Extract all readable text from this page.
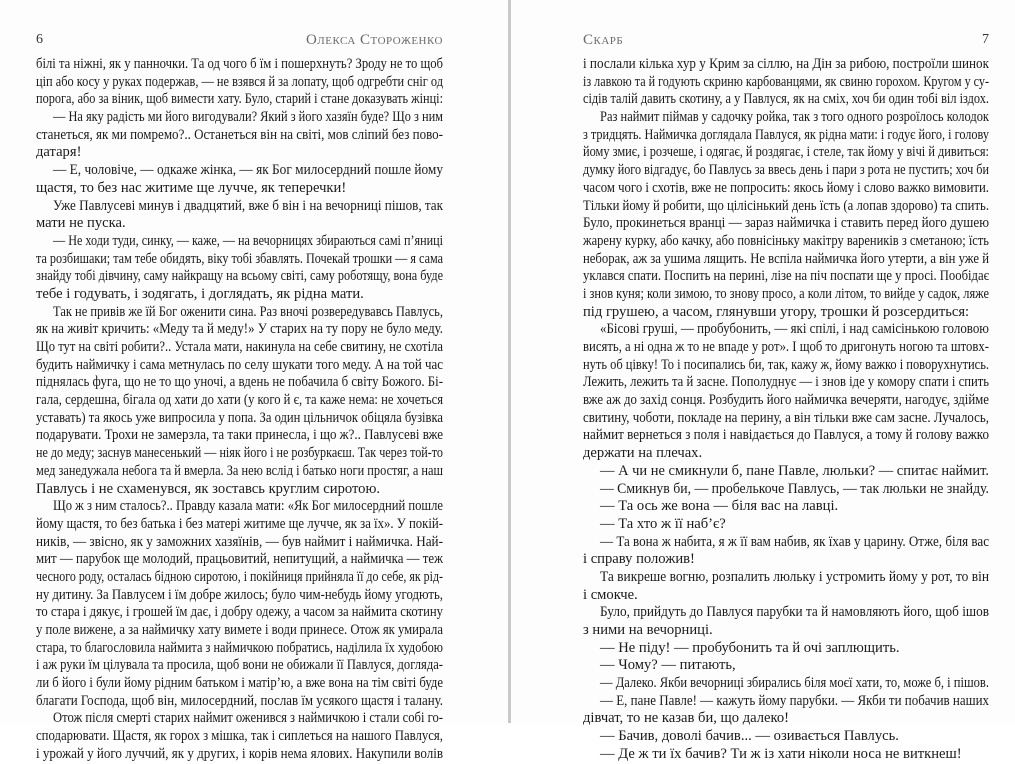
6	Олекса Стороженко
білі та ніжні, як у панночки. Та од чого б їм і пошерхнуть? Зроду не то щоб
ціп або косу у руках подержав, — не взявся й за лопату, щоб одгребти сніг од
порога, або за віник, щоб вимести хату. Було, старий і стане доказувать жінці:
— На яку радість ми його вигодували? Який з його хазяїн буде? Що з ним
станеться, як ми помремо?.. Останеться він на світі, мов сліпий без пово-
датаря!
— Е, чоловіче, — одкаже жінка, — як Бог милосердний пошле йому
щастя, то без нас житиме ще лучче, як теперечки!
Уже Павлусеві минув і двадцятий, вже б він і на вечорниці пішов, так
мати не пуска.
— Не ходи туди, синку, — каже, — на вечорницях збираються самі п’яниці
та розбишаки; там тебе обидять, віку тобі збавлять. Почекай трошки — я сама
знайду тобі дівчину, саму найкращу на всьому світі, саму роботящу, вона буде
тебе і годувать, і зодягать, і доглядать, як рідна мати.
Так не привів же їй Бог оженити сина. Раз вночі розвередувавсь Павлусь,
як на живіт кричить: «Меду та й меду!» У старих на ту пору не було меду.
Що тут на світі робити?.. Устала мати, накинула на себе свитину, не схотіла
будить наймичку і сама метнулась по селу шукати того меду. А на той час
піднялась фуга, що не то що уночі, а вдень не побачила б світу Божого. Бі-
гала, сердешна, бігала од хати до хати (у кого й є, та каже нема: не хочеться
уставать) та якось уже випросила у попа. За один цільничок обіцяла бузівка
подарувати. Трохи не замерзла, та таки принесла, і що ж?.. Павлусеві вже
не до меду; заснув манесенький — ніяк його і не розбуркаєш. Так через той-то
мед занедужала небога та й вмерла. За нею вслід і батько ноги простяг, а наш
Павлусь і не схаменувся, як зоставсь круглим сиротою.
Що ж з ним сталось?.. Правду казала мати: «Як Бог милосердний пошле
йому щастя, то без батька і без матері житиме ще лучче, як за їх». У покій-
ників, — звісно, як у заможних хазяїнів, — був наймит і наймичка. Най-
мит — парубок ще молодий, працьовитий, непитущий, а наймичка — теж
чесного роду, осталась бідною сиротою, і покійниця прийняла її до себе, як рід-
ну дитину. За Павлусем і їм добре жилось; було чим-небудь йому угодють,
то стара і дякує, і грошей їм дає, і добру одежу, а часом за наймита скотину
у поле вижене, а за наймичку хату вимете і води принесе. Отож як умирала
стара, то благословила наймита з наймичкою побратись, наділила їх худобою
і аж руки їм цілувала та просила, щоб вони не обижали її Павлуся, догляда-
ли б його і були йому рідним батьком і матір’ю, а вже вона на тім світі буде
благати Господа, щоб він, милосердний, послав їм усякого щастя і талану.
Отож після смерті старих наймит оженився з наймичкою і стали собі го-
сподарювати. Щастя, як горох з мішка, так і сиплеться на нашого Павлуся,
і урожай у його луччий, як у других, і корів нема ялових. Накупили волів
Скарб	7
і послали кілька хур у Крим за сіллю, на Дін за рибою, построїли шинок
із лавкою та й годують скриню карбованцями, як свиню горохом. Кругом у су-
сідів талій давить скотину, а у Павлуся, як на сміх, хоч би один тобі віл іздох.
Раз наймит піймав у садочку ройка, так з того одного розроїлось колодок
з тридцять. Наймичка доглядала Павлуся, як рідна мати: і годує його, і голову
йому змиє, і розчеше, і одягає, й роздягає, і стеле, так йому у вічі й дивиться:
думку його відгадує, бо Павлусь за ввесь день і пари з рота не пустить; хоч би
часом чого і схотів, вже не попросить: якось йому і слово важко вимовити.
Тільки йому й робити, що цілісінький день їсть (а лопав здорово) та спить.
Було, прокинеться вранці — зараз наймичка і ставить перед його душею
жарену курку, або качку, або повнісіньку макітру вареників з сметаною; їсть
неборак, аж за ушима лящить. Не вспіла наймичка його утерти, а він уже й
уклався спати. Поспить на перині, лізе на піч поспати ще у просі. Пообідає
і знов куня; коли зимою, то знову просо, а коли літом, то вийде у садок, ляже
під грушею, а часом, глянувши угору, трошки й розсердиться:
«Бісові груші, — пробубонить, — які спілі, і над самісінькою головою
висять, а ні одна ж то не впаде у рот». І щоб то дригонуть ногою та штовх-
нуть об цівку! То і посипались би, так, кажу ж, йому важко і поворухнутись.
Лежить, лежить та й засне. Пополуднує — і знов іде у комору спати і спить
вже аж до захід сонця. Розбудить його наймичка вечеряти, нагодує, здійме
свитину, чоботи, покладе на перину, а він тільки вже сам засне. Лучалось,
наймит вернеться з поля і навідається до Павлуся, а тому й голову важко
держати на плечах.
— А чи не смикнули б, пане Павле, люльки? — спитає наймит.
— Смикнув би, — пробелькоче Павлусь, — так люльки не знайду.
— Та ось же вона — біля вас на лавці.
— Та хто ж її наб’є?
— Та вона ж набита, я ж її вам набив, як їхав у царину. Отже, біля вас
і справу положив!
Та викреше вогню, розпалить люльку і устромить йому у рот, то він
і смокче.
Було, прийдуть до Павлуся парубки та й намовляють його, щоб ішов
з ними на вечорниці.
— Не піду! — пробубонить та й очі заплющить.
— Чому? — питають,
— Далеко. Якби вечорниці збирались біля моєї хати, то, може б, і пішов.
— Е, пане Павле! — кажуть йому парубки. — Якби ти побачив наших
дівчат, то не казав би, що далеко!
— Бачив, доволі бачив... — озивається Павлусь.
— Де ж ти їх бачив? Ти ж із хати ніколи носа не виткнеш!
